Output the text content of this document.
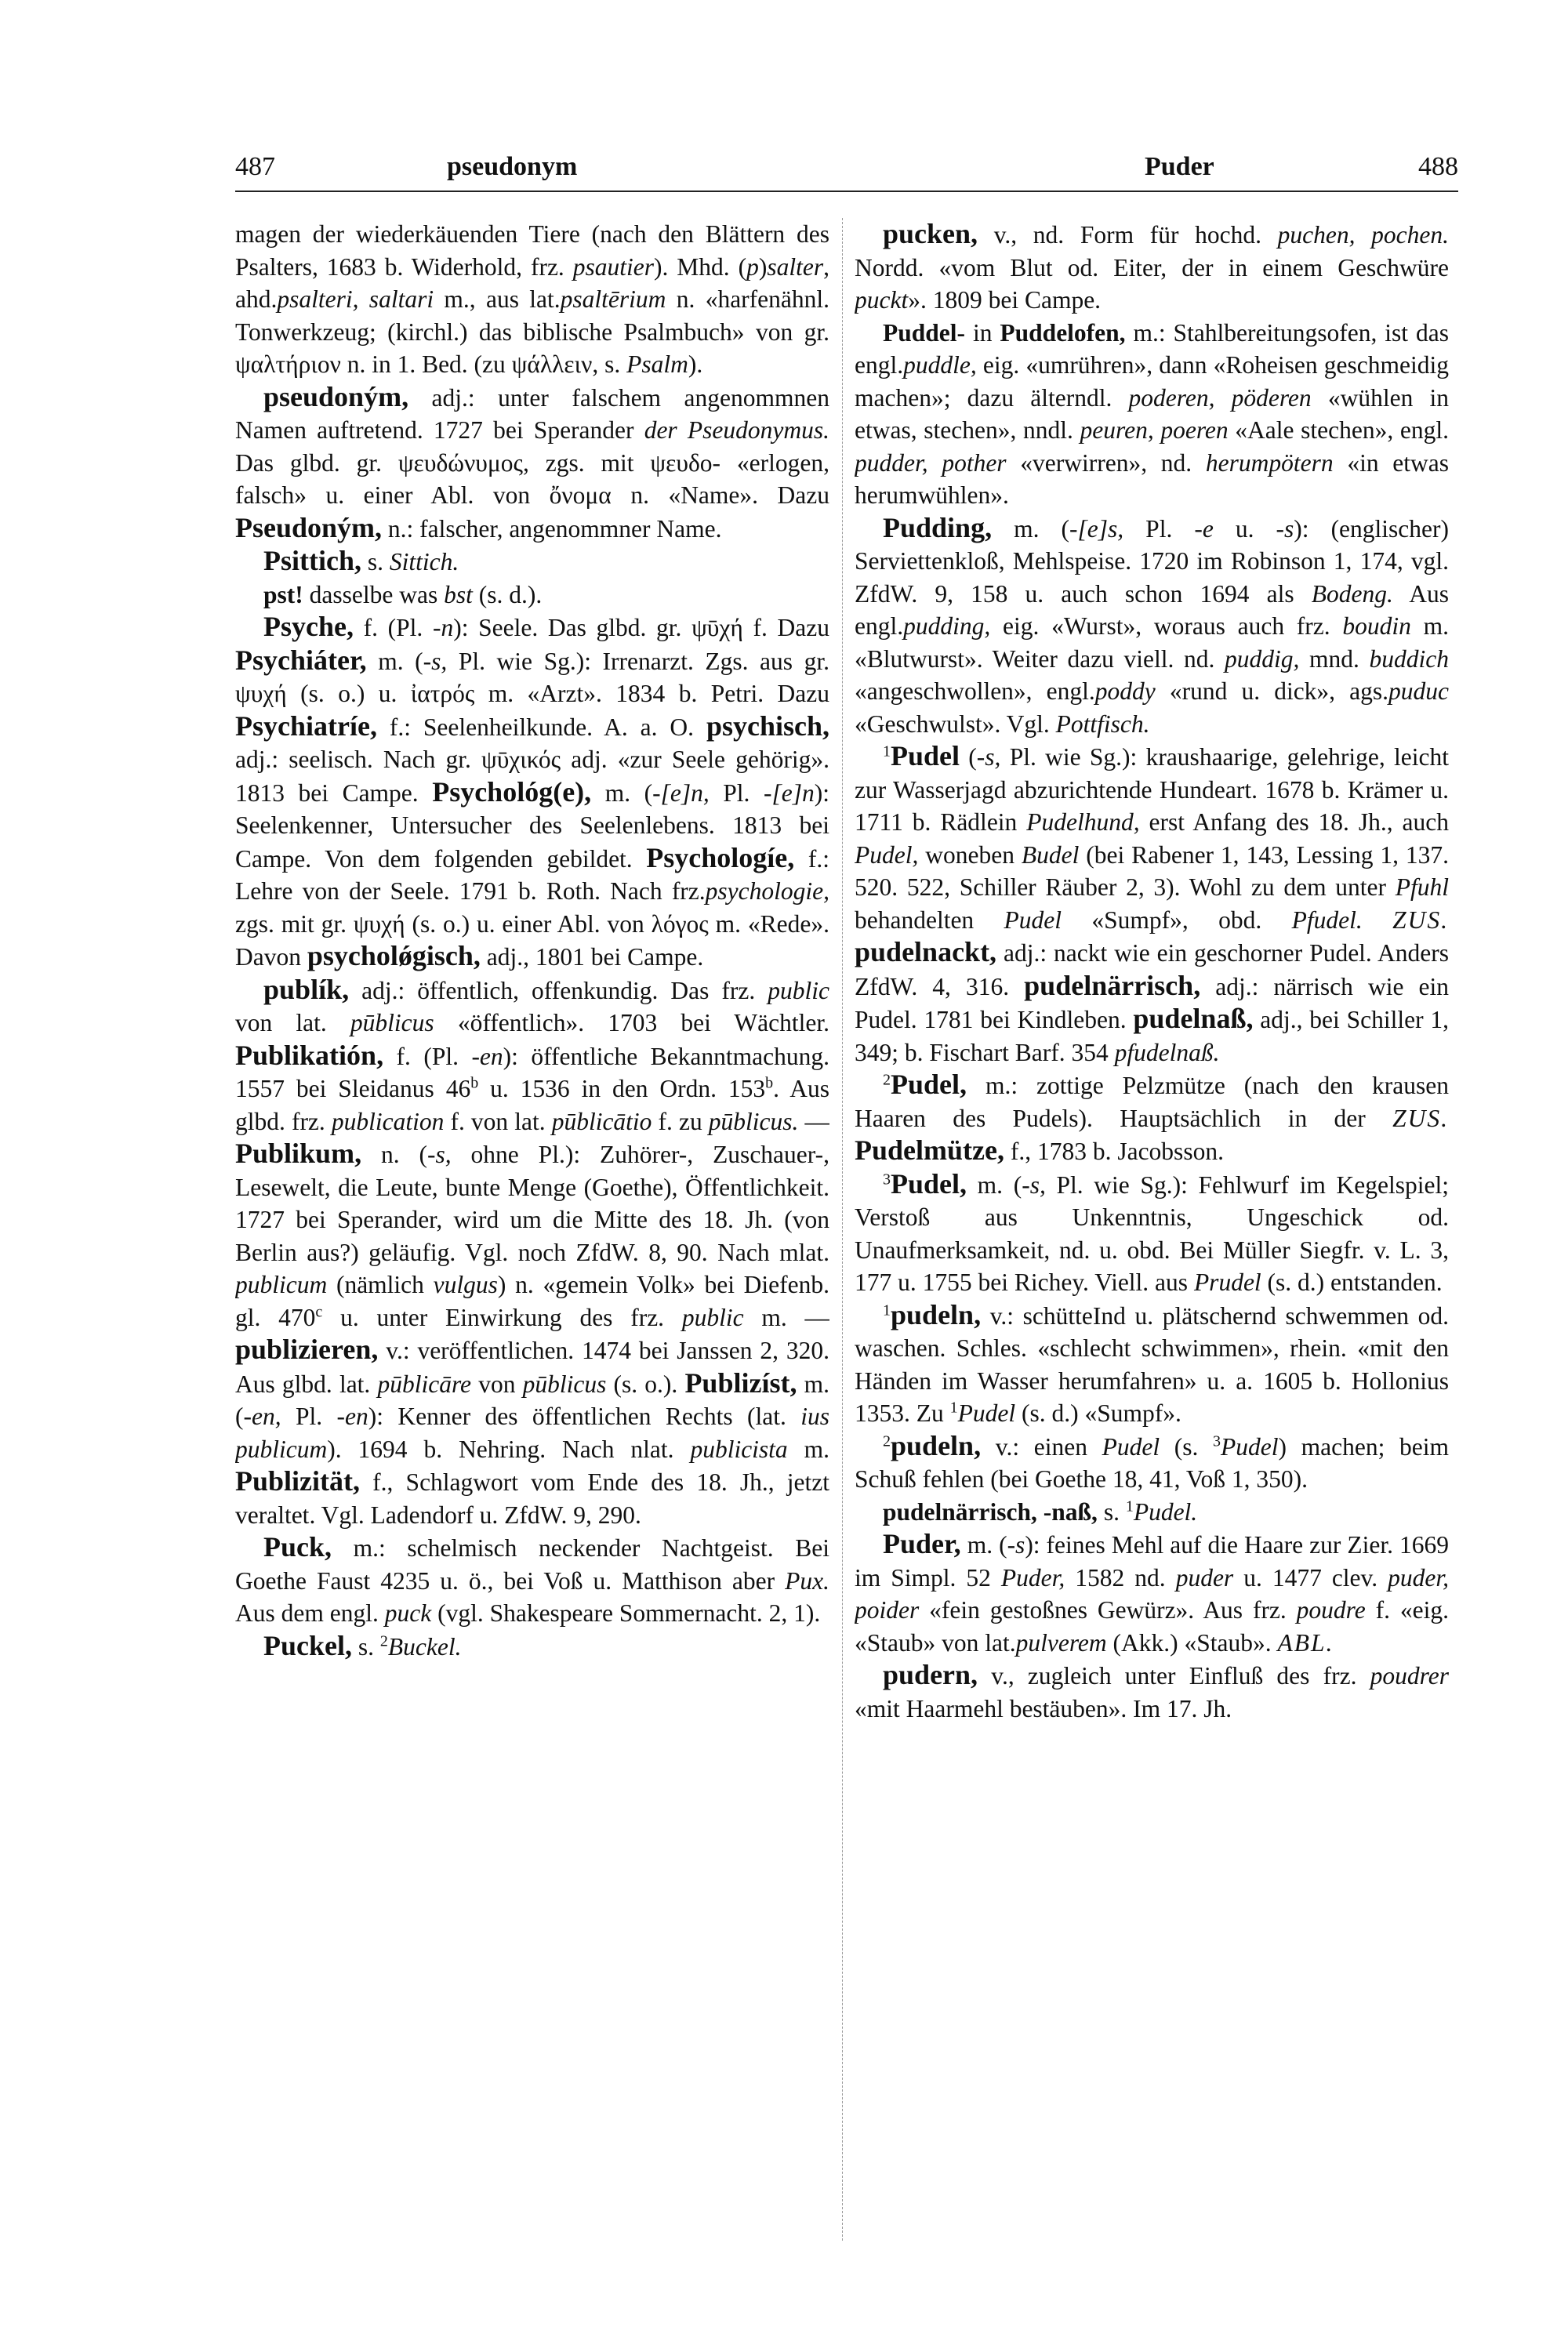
487	pseudonym	Puder	488

magen der wiederkäuenden Tiere (nach den Blättern des Psalters, 1683 b. Widerhold, frz. psautier). Mhd. (p)salter, ahd.psalteri, saltari m., aus lat.psaltērium n. «harfenähnl. Tonwerkzeug; (kirchl.) das biblische Psalmbuch» von gr. ψαλτήριον n. in 1. Bed. (zu ψάλλειν, s. Psalm).

pseudoným, adj.: unter falschem angenommnen Namen auftretend. 1727 bei Sperander der Pseudonymus. Das glbd. gr. ψευδώνυμος, zgs. mit ψευδο- «erlogen, falsch» u. einer Abl. von ὄνομα n. «Name». Dazu Pseudoným, n.: falscher, angenommner Name.

Psittich, s. Sittich.

pst! dasselbe was bst (s. d.).

Psyche, f. (Pl. -n): Seele. Das glbd. gr. ψῡχή f. Dazu Psychiáter, m. (-s, Pl. wie Sg.): Irrenarzt. Zgs. aus gr. ψυχή (s. o.) u. ἰατρός m. «Arzt». 1834 b. Petri. Dazu Psychiatríe, f.: Seelenheilkunde. A. a. O. psychisch, adj.: seelisch. Nach gr. ψῡχικός adj. «zur Seele gehörig». 1813 bei Campe. Psychológ(e), m. (-[e]n, Pl. -[e]n): Seelenkenner, Untersucher des Seelenlebens. 1813 bei Campe. Von dem folgenden gebildet. Psychologíe, f.: Lehre von der Seele. 1791 b. Roth. Nach frz.psychologie, zgs. mit gr. ψυχή (s. o.) u. einer Abl. von λόγος m. «Rede». Davon psycholǿgisch, adj., 1801 bei Campe.

publík, adj.: öffentlich, offenkundig. Das frz. public von lat. pūblicus «öffentlich». 1703 bei Wächtler. Publikatión, f. (Pl. -en): öffentliche Bekanntmachung. 1557 bei Sleidanus 46$^b$ u. 1536 in den Ordn. 153$^b$. Aus glbd. frz. publication f. von lat. pūblicātio f. zu pūblicus. — Publikum, n. (-s, ohne Pl.): Zuhörer-, Zuschauer-, Lesewelt, die Leute, bunte Menge (Goethe), Öffentlichkeit. 1727 bei Sperander, wird um die Mitte des 18. Jh. (von Berlin aus?) geläufig. Vgl. noch ZfdW. 8, 90. Nach mlat. publicum (nämlich vulgus) n. «gemein Volk» bei Diefenb. gl. 470$^c$ u. unter Einwirkung des frz. public m. — publizieren, v.: veröffentlichen. 1474 bei Janssen 2, 320. Aus glbd. lat. pūblicāre von pūblicus (s. o.). Publizíst, m. (-en, Pl. -en): Kenner des öffentlichen Rechts (lat. ius publicum). 1694 b. Nehring. Nach nlat. publicista m. Publizität, f., Schlagwort vom Ende des 18. Jh., jetzt veraltet. Vgl. Ladendorf u. ZfdW. 9, 290.

Puck, m.: schelmisch neckender Nachtgeist. Bei Goethe Faust 4235 u. ö., bei Voß u. Matthison aber Pux. Aus dem engl. puck (vgl. Shakespeare Sommernacht. 2, 1).

Puckel, s. $^2$Buckel.

pucken, v., nd. Form für hochd. puchen, pochen. Nordd. «vom Blut od. Eiter, der in einem Geschwüre puckt». 1809 bei Campe.

Puddel- in Puddelofen, m.: Stahlbereitungsofen, ist das engl.puddle, eig. «umrühren», dann «Roheisen geschmeidig machen»; dazu älterndl. poderen, pöderen «wühlen in etwas, stechen», nndl. peuren, poeren «Aale stechen», engl. pudder, pother «verwirren», nd. herumpötern «in etwas herumwühlen».

Pudding, m. (-[e]s, Pl. -e u. -s): (englischer) Serviettenkloß, Mehlspeise. 1720 im Robinson 1, 174, vgl. ZfdW. 9, 158 u. auch schon 1694 als Bodeng. Aus engl.pudding, eig. «Wurst», woraus auch frz. boudin m. «Blutwurst». Weiter dazu viell. nd. puddig, mnd. buddich «angeschwollen», engl.poddy «rund u. dick», ags.puduc «Geschwulst». Vgl. Pottfisch.

$^1$Pudel (-s, Pl. wie Sg.): kraushaarige, gelehrige, leicht zur Wasserjagd abzurichtende Hundeart. 1678 b. Krämer u. 1711 b. Rädlein Pudelhund, erst Anfang des 18. Jh., auch Pudel, woneben Budel (bei Rabener 1, 143, Lessing 1, 137. 520. 522, Schiller Räuber 2, 3). Wohl zu dem unter Pfuhl behandelten Pudel «Sumpf», obd. Pfudel. ZUS. pudelnackt, adj.: nackt wie ein geschorner Pudel. Anders ZfdW. 4, 316. pudelnärrisch, adj.: närrisch wie ein Pudel. 1781 bei Kindleben. pudelnaß, adj., bei Schiller 1, 349; b. Fischart Barf. 354 pfudelnaß.

$^2$Pudel, m.: zottige Pelzmütze (nach den krausen Haaren des Pudels). Hauptsächlich in der ZUS. Pudelmütze, f., 1783 b. Jacobsson.

$^3$Pudel, m. (-s, Pl. wie Sg.): Fehlwurf im Kegelspiel; Verstoß aus Unkenntnis, Ungeschick od. Unaufmerksamkeit, nd. u. obd. Bei Müller Siegfr. v. L. 3, 177 u. 1755 bei Richey. Viell. aus Prudel (s. d.) entstanden.

$^1$pudeln, v.: schütteInd u. plätschernd schwemmen od. waschen. Schles. «schlecht schwimmen», rhein. «mit den Händen im Wasser herumfahren» u. a. 1605 b. Hollonius 1353. Zu $^1$Pudel (s. d.) «Sumpf».

$^2$pudeln, v.: einen Pudel (s. $^3$Pudel) machen; beim Schuß fehlen (bei Goethe 18, 41, Voß 1, 350).

pudelnärrisch, -naß, s. $^1$Pudel.

Puder, m. (-s): feines Mehl auf die Haare zur Zier. 1669 im Simpl. 52 Puder, 1582 nd. puder u. 1477 clev. puder, poider «fein gestoßnes Gewürz». Aus frz. poudre f. «eig. «Staub» von lat.pulverem (Akk.) «Staub». ABL.

pudern, v., zugleich unter Einfluß des frz. poudrer «mit Haarmehl bestäuben». Im 17. Jh.
